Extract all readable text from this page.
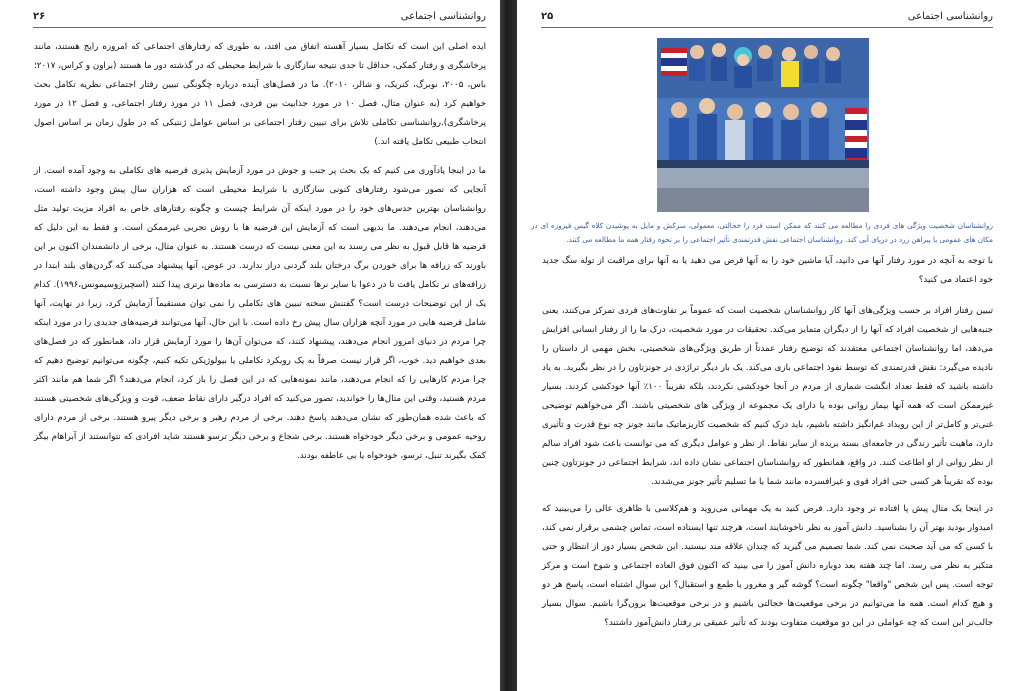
روانشناسی اجتماعی
۲۶

ایده اصلی این است که تکامل بسیار آهسته اتفاق می افتد، به طوری که رفتارهای اجتماعی که امروزه رایج هستند، مانند پرخاشگری و رفتار کمکی، حداقل تا حدی نتیجه سازگاری با شرایط محیطی که در گذشته دور ما هستند (براون و کراس، ۲۰۱۷؛ باس، ۲۰۰۵، نوبرگ، کنریک، و شالر، ۲۰۱۰). ما در فصل‌های آینده درباره چگونگی تبیین رفتار اجتماعی نظریه تکامل بحث خواهیم کرد (به عنوان مثال، فصل ۱۰ در مورد جذابیت بین فردی، فصل ۱۱ در مورد رفتار اجتماعی، و فصل ۱۲ در مورد پرخاشگری).روانشناسی تکاملی تلاش برای تبیین رفتار اجتماعی بر اساس عوامل ژنتیکی که در طول زمان بر اساس اصول انتخاب طبیعی تکامل یافته اند.)

ما در اینجا یادآوری می کنیم که یک بحث پر جنب و جوش در مورد آزمایش پذیری فرضیه های تکاملی به وجود آمده است. از آنجایی که تصور می‌شود رفتارهای کنونی سازگاری با شرایط محیطی است که هزاران سال پیش وجود داشته است، روانشناسان بهترین حدس‌های خود را در مورد اینکه آن شرایط چیست و چگونه رفتارهای خاص به افراد مزیت تولید مثل می‌دهند، انجام می‌دهند. ما بدیهی است که آزمایش این فرضیه ها با روش تجربی غیرممکن است. و فقط به این دلیل که فرضیه ها قابل قبول به نظر می رسند به این معنی نیست که درست هستند. به عنوان مثال، برخی از دانشمندان اکنون بر این باورند که زرافه ها برای خوردن برگ درختان بلند گردنی دراز ندارند. در عوض، آنها پیشنهاد می‌کنند که گردن‌های بلند ابتدا در زرافه‌های نر تکامل یافت تا در دعوا با سایر نرها نسبت به دسترسی به ماده‌ها برتری پیدا کنند (اسچیرزوسیمونس،۱۹۹۶). کدام یک از این توضیحات درست است؟ گفتنش سخته تبیین های تکاملی را نمی توان مستقیماً آزمایش کرد، زیرا در نهایت، آنها شامل فرضیه هایی در مورد آنچه هزاران سال پیش رخ داده است. با این حال، آنها می‌توانند فرضیه‌های جدیدی را در مورد اینکه چرا مردم در دنیای امروز انجام می‌دهند، پیشنهاد کنند، که می‌توان آن‌ها را مورد آزمایش قرار داد، همانطور که در فصل‌های بعدی خواهیم دید. خوب، اگر قرار نیست صرفاً به یک رویکرد تکاملی یا بیولوژیکی تکیه کنیم، چگونه می‌توانیم توضیح دهیم که چرا مردم کارهایی را که انجام می‌دهند، مانند نمونه‌هایی که در این فصل را باز کرد، انجام می‌دهند؟ اگر شما هم مانند اکثر مردم هستید، وقتی این مثال‌ها را خواندید، تصور می‌کنید که افراد درگیر دارای نقاط ضعف، قوت و ویژگی‌های شخصیتی هستند که باعث شده همان‌طور که نشان می‌دهند پاسخ دهند. برخی از مردم رهبر و برخی دیگر پیرو هستند. برخی از مردم دارای روحیه عمومی و برخی دیگر خودخواه هستند. برخی شجاع و برخی دیگر ترسو هستند شاید افرادی که نتوانستند از آبراهام بیگز کمک بگیرند تنبل، ترسو، خودخواه یا بی عاطفه بودند.

روانشناسی اجتماعی
۲۵

روانشناسان شخصیت ویژگی های فردی را مطالعه می کنند که ممکن است فرد را خجالتی، معمولی، سرکش و مایل به پوشیدن کلاه گیس فیروزه ای در مکان های عمومی یا پیراهن زرد در دریای آبی کند. روانشناسان اجتماعی نقش قدرتمندی تأثیر اجتماعی را بر نحوه رفتار همه ما مطالعه می کنند.

با توجه به آنچه در مورد رفتار آنها می دانید، آیا ماشین خود را به آنها قرض می دهید یا به آنها برای مراقبت از توله سگ جدید خود اعتماد می کنید؟

تبیین رفتار افراد بر حسب ویژگی‌های آنها کار روانشناسان شخصیت است که عموماً بر تفاوت‌های فردی تمرکز می‌کنند، یعنی جنبه‌هایی از شخصیت افراد که آنها را از دیگران متمایز می‌کند. تحقیقات در مورد شخصیت، درک ما را از رفتار انسانی افزایش می‌دهد، اما روانشناسان اجتماعی معتقدند که توضیح رفتار عمدتاً از طریق ویژگی‌های شخصیتی، بخش مهمی از داستان را نادیده می‌گیرد: نقش قدرتمندی که توسط نفوذ اجتماعی بازی می‌کند. یک بار دیگر تراژدی در جونزتاون را در نظر بگیرید. به یاد داشته باشید که فقط تعداد انگشت شماری از مردم در آنجا خودکشی نکردند، بلکه تقریباً ۱۰۰٪ آنها خودکشی کردند. بسیار غیرممکن است که همه آنها بیمار روانی بوده یا دارای یک مجموعه از ویژگی های شخصیتی باشند. اگر می‌خواهیم توضیحی غنی‌تر و کامل‌تر از این رویداد غم‌انگیز داشته باشیم، باید درک کنیم که شخصیت کاریزماتیک مانند جونز چه نوع قدرت و تأثیری دارد، ماهیت تأثیر زندگی در جامعه‌ای بسته بریده از سایر نقاط. از نظر و عوامل دیگری که می توانست باعث شود افراد سالم از نظر روانی از او اطاعت کنند. در واقع، همانطور که روانشناسان اجتماعی نشان داده اند، شرایط اجتماعی در جونزتاون چنین بوده که تقریباً هر کسی حتی افراد قوی و غیرافسرده مانند شما یا ما تسلیم تأثیر جونز می‌شدند.

در اینجا یک مثال پیش پا افتاده تر وجود دارد. فرض کنید به یک مهمانی می‌روید و هم‌کلاسی با ظاهری عالی را می‌بینید که امیدوار بودید بهتر آن را بشناسید. دانش آموز به نظر ناخوشایند است، هرچند تنها ایستاده است، تماس چشمی برقرار نمی کند، با کسی که می آید صحبت نمی کند. شما تصمیم می گیرید که چندان علاقه مند نیستید. این شخص بسیار دور از انتظار و حتی متکبر به نظر می رسد. اما چند هفته بعد دوباره دانش آموز را می بینید که اکنون فوق العاده اجتماعی و شوخ است و مرکز توجه است. پس این شخص "واقعا" چگونه است؟ گوشه گیر و مغرور یا طمع و استقبال؟ این سوال اشتباه است، پاسخ هر دو و هیچ کدام است. همه ما می‌توانیم در برخی موقعیت‌ها خجالتی باشیم و در برخی موقعیت‌ها برون‌گرا باشیم. سوال بسیار جالب‌تر این است که چه عواملی در این دو موقعیت متفاوت بودند که تأثیر عمیقی بر رفتار دانش‌آموز داشتند؟
